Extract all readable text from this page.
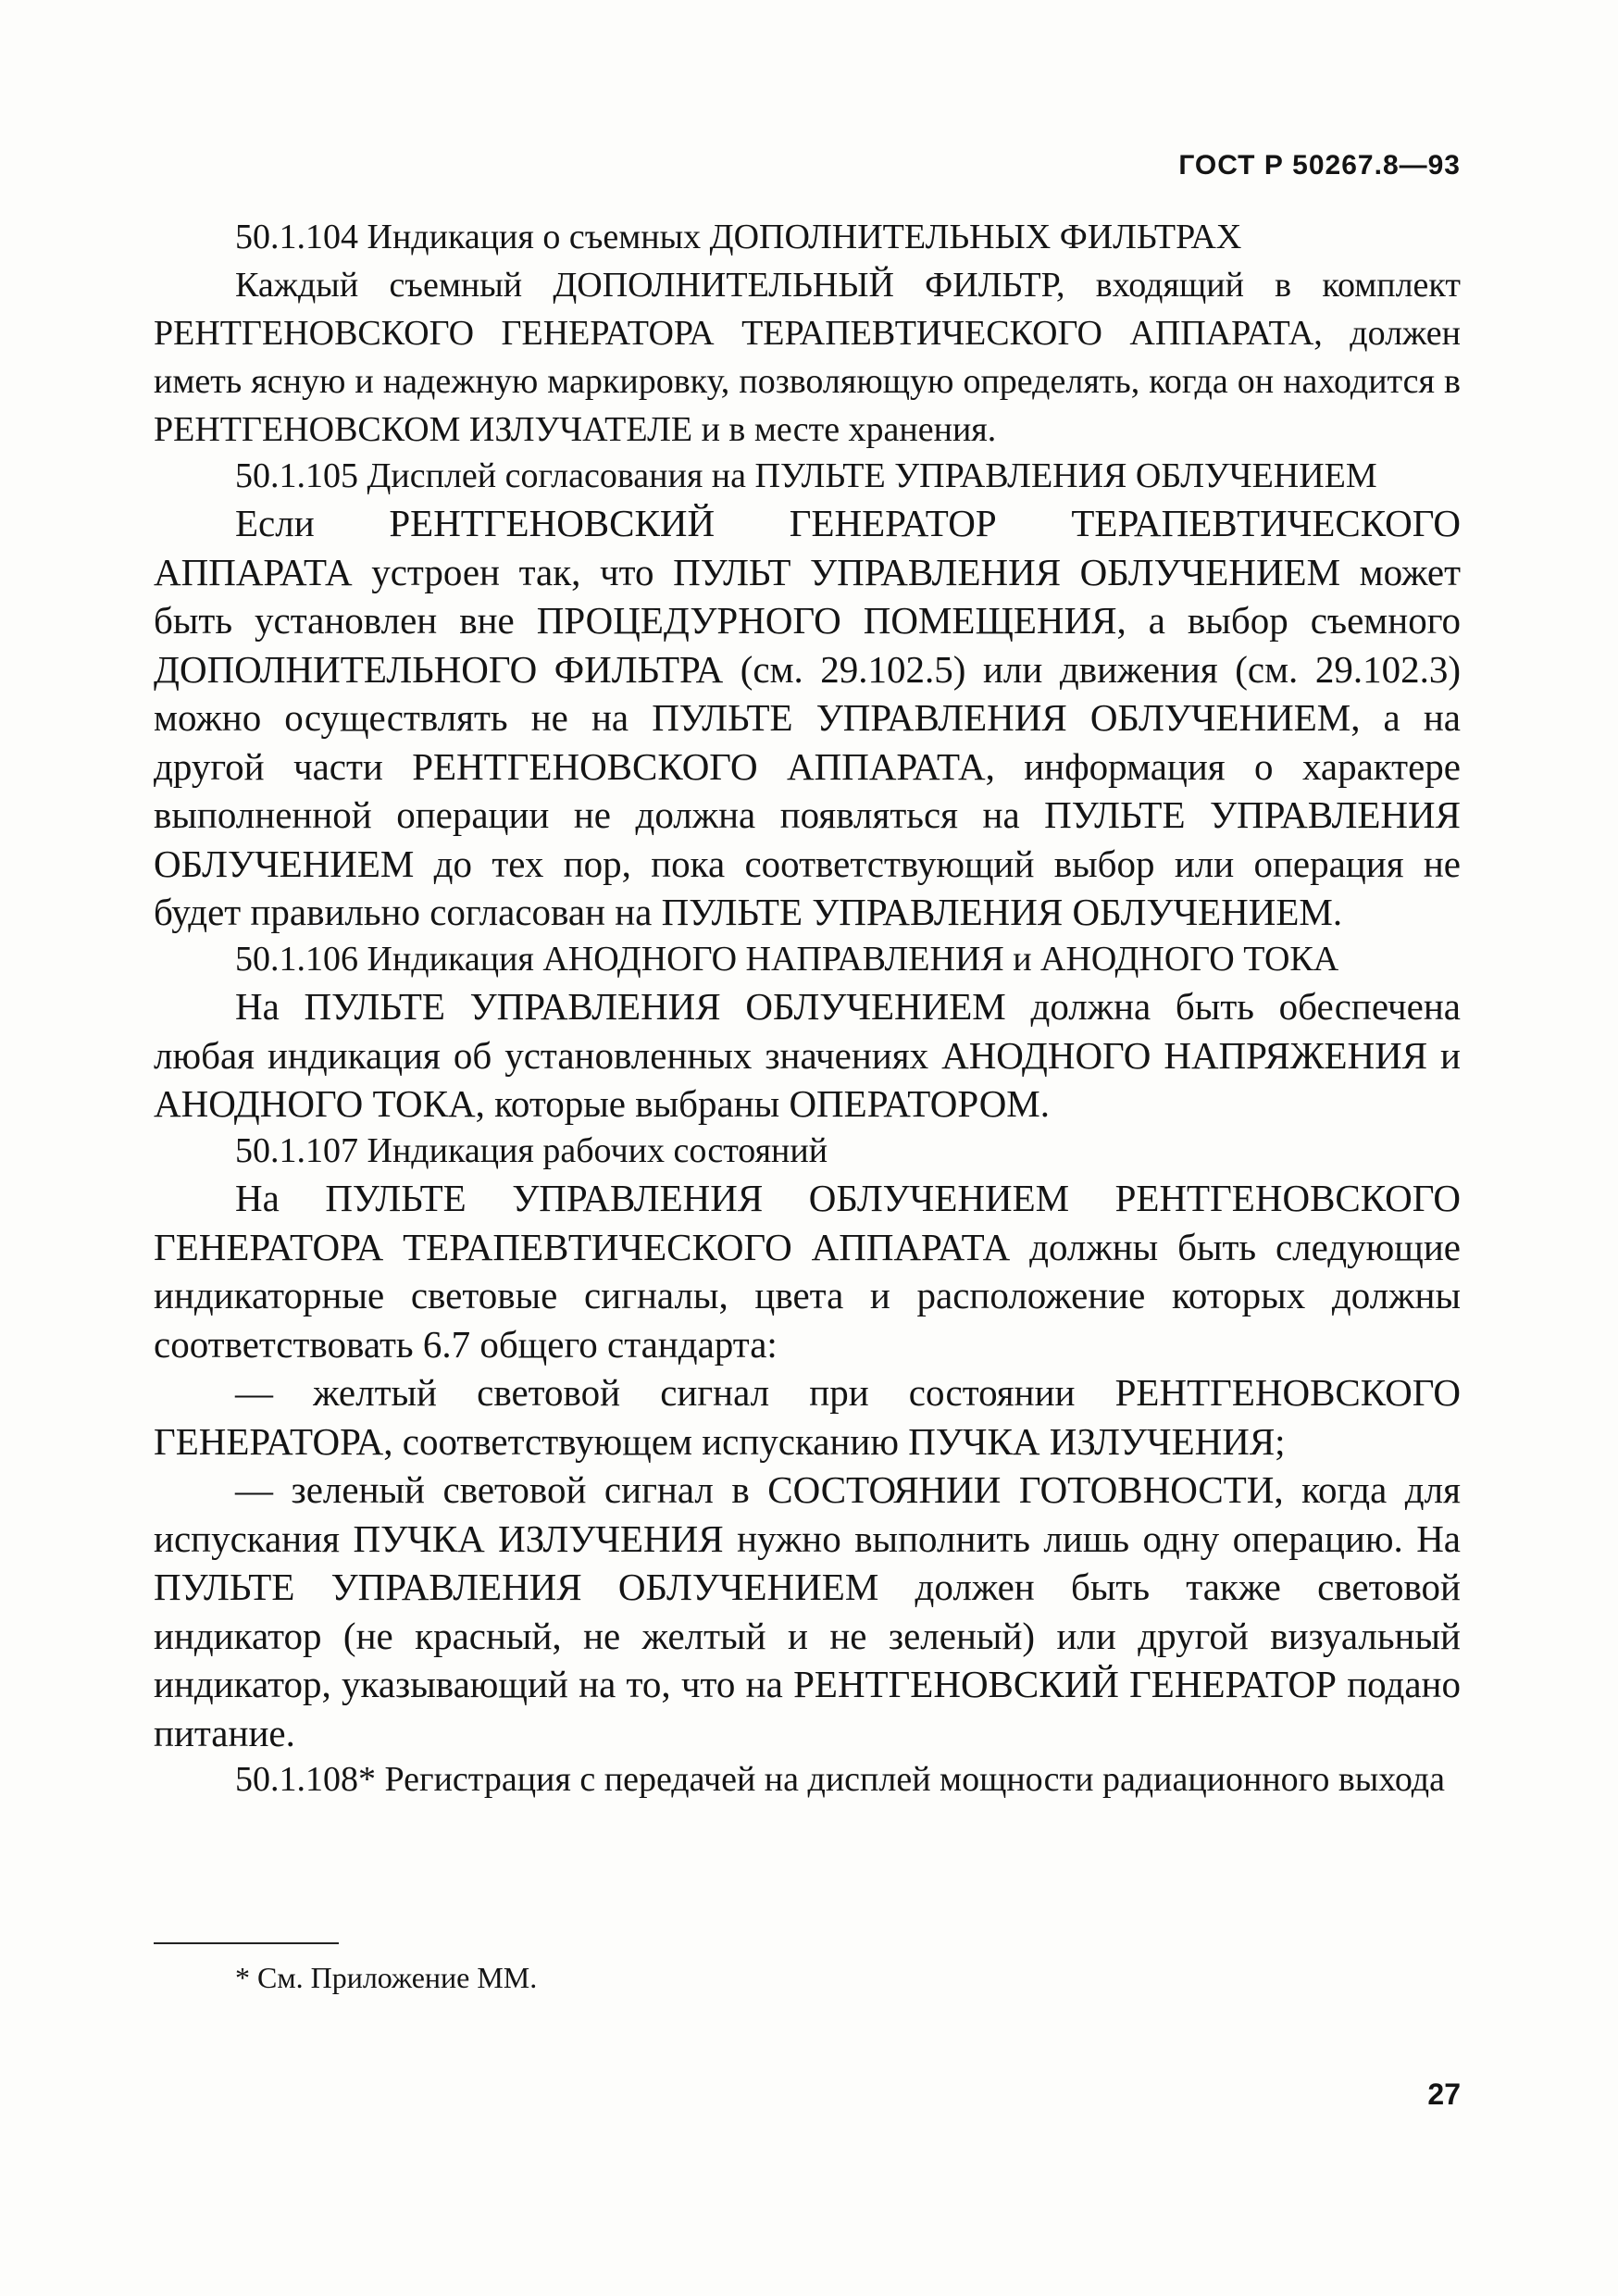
ГОСТ Р 50267.8—93

50.1.104 Индикация о съемных ДОПОЛНИТЕЛЬНЫХ ФИЛЬТРАХ

Каждый съемный ДОПОЛНИТЕЛЬНЫЙ ФИЛЬТР, входящий в комплект РЕНТГЕНОВСКОГО ГЕНЕРАТОРА ТЕРАПЕВТИЧЕСКОГО АППАРАТА, должен иметь ясную и надежную маркировку, позволяющую определять, когда он находится в РЕНТГЕНОВСКОМ ИЗЛУЧАТЕЛЕ и в месте хранения.

50.1.105 Дисплей согласования на ПУЛЬТЕ УПРАВЛЕНИЯ ОБЛУЧЕНИЕМ

Если РЕНТГЕНОВСКИЙ ГЕНЕРАТОР ТЕРАПЕВТИЧЕСКОГО АППАРАТА устроен так, что ПУЛЬТ УПРАВЛЕНИЯ ОБЛУЧЕНИЕМ может быть установлен вне ПРОЦЕДУРНОГО ПОМЕЩЕНИЯ, а выбор съемного ДОПОЛНИТЕЛЬНОГО ФИЛЬТРА (см. 29.102.5) или движения (см. 29.102.3) можно осуществлять не на ПУЛЬТЕ УПРАВЛЕНИЯ ОБЛУЧЕНИЕМ, а на другой части РЕНТГЕНОВСКОГО АППАРАТА, информация о характере выполненной операции не должна появляться на ПУЛЬТЕ УПРАВЛЕНИЯ ОБЛУЧЕНИЕМ до тех пор, пока соответствующий выбор или операция не будет правильно согласован на ПУЛЬТЕ УПРАВЛЕНИЯ ОБЛУЧЕНИЕМ.

50.1.106 Индикация АНОДНОГО НАПРАВЛЕНИЯ и АНОДНОГО ТОКА

На ПУЛЬТЕ УПРАВЛЕНИЯ ОБЛУЧЕНИЕМ должна быть обеспечена любая индикация об установленных значениях АНОДНОГО НАПРЯЖЕНИЯ и АНОДНОГО ТОКА, которые выбраны ОПЕРАТОРОМ.

50.1.107 Индикация рабочих состояний

На ПУЛЬТЕ УПРАВЛЕНИЯ ОБЛУЧЕНИЕМ РЕНТГЕНОВСКОГО ГЕНЕРАТОРА ТЕРАПЕВТИЧЕСКОГО АППАРАТА должны быть следующие индикаторные световые сигналы, цвета и расположение которых должны соответствовать 6.7 общего стандарта:

— желтый световой сигнал при состоянии РЕНТГЕНОВСКОГО ГЕНЕРАТОРА, соответствующем испусканию ПУЧКА ИЗЛУЧЕНИЯ;

— зеленый световой сигнал в СОСТОЯНИИ ГОТОВНОСТИ, когда для испускания ПУЧКА ИЗЛУЧЕНИЯ нужно выполнить лишь одну операцию. На ПУЛЬТЕ УПРАВЛЕНИЯ ОБЛУЧЕНИЕМ должен быть также световой индикатор (не красный, не желтый и не зеленый) или другой визуальный индикатор, указывающий на то, что на РЕНТГЕНОВСКИЙ ГЕНЕРАТОР подано питание.

50.1.108* Регистрация с передачей на дисплей мощности радиационного выхода

* См. Приложение ММ.
27
